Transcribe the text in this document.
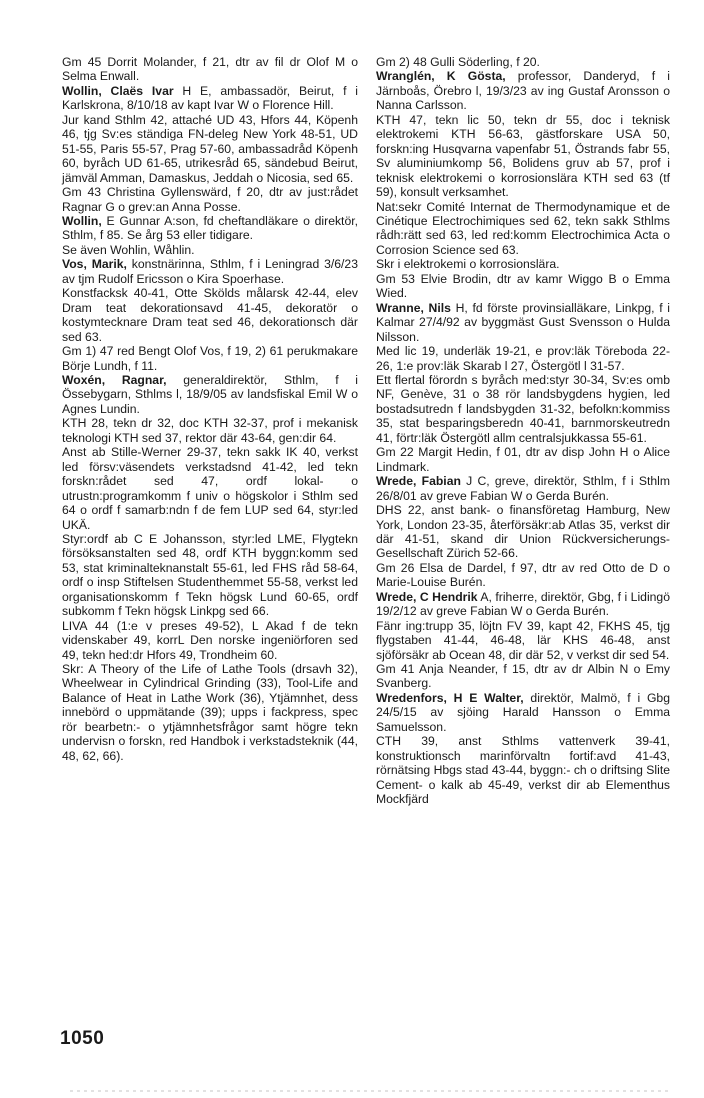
Gm 45 Dorrit Molander, f 21, dtr av fil dr Olof M o Selma Enwall.

Wollin, Claës Ivar H E, ambassadör, Beirut, f i Karlskrona, 8/10/18 av kapt Ivar W o Florence Hill.

Jur kand Sthlm 42, attaché UD 43, Hfors 44, Köpenh 46, tjg Sv:es ständiga FN-deleg New York 48-51, UD 51-55, Paris 55-57, Prag 57-60, ambassadråd Köpenh 60, byråch UD 61-65, utrikesråd 65, sändebud Beirut, jämväl Amman, Damaskus, Jeddah o Nicosia, sed 65.

Gm 43 Christina Gyllenswärd, f 20, dtr av just:rådet Ragnar G o grev:an Anna Posse.

Wollin, E Gunnar A:son, fd cheftandläkare o direktör, Sthlm, f 85. Se årg 53 eller tidigare.

Se även Wohlin, Wåhlin.

Vos, Marik, konstnärinna, Sthlm, f i Leningrad 3/6/23 av tjm Rudolf Ericsson o Kira Spoerhase.

Konstfacksk 40-41, Otte Skölds målarsk 42-44, elev Dram teat dekorationsavd 41-45, dekoratör o kostymtecknare Dram teat sed 46, dekorationsch där sed 63.

Gm 1) 47 red Bengt Olof Vos, f 19, 2) 61 perukmakare Börje Lundh, f 11.

Woxén, Ragnar, generaldirektör, Sthlm, f i Össebygarn, Sthlms l, 18/9/05 av landsfiskal Emil W o Agnes Lundin.

KTH 28, tekn dr 32, doc KTH 32-37, prof i mekanisk teknologi KTH sed 37, rektor där 43-64, gen:dir 64.

Anst ab Stille-Werner 29-37, tekn sakk IK 40, verkst led försv:väsendets verkstadsnd 41-42, led tekn forskn:rådet sed 47, ordf lokal- o utrustn:programkomm f univ o högskolor i Sthlm sed 64 o ordf f samarb:ndn f de fem LUP sed 64, styr:led UKÄ.

Styr:ordf ab C E Johansson, styr:led LME, Flygtekn försöksanstalten sed 48, ordf KTH byggn:komm sed 53, stat kriminalteknanstalt 55-61, led FHS råd 58-64, ordf o insp Stiftelsen Studenthemmet 55-58, verkst led organisationskomm f Tekn högsk Lund 60-65, ordf subkomm f Tekn högsk Linkpg sed 66.

LIVA 44 (1:e v preses 49-52), L Akad f de tekn videnskaber 49, korrL Den norske ingeniörforen sed 49, tekn hed:dr Hfors 49, Trondheim 60.

Skr: A Theory of the Life of Lathe Tools (drsavh 32), Wheelwear in Cylindrical Grinding (33), Tool-Life and Balance of Heat in Lathe Work (36), Ytjämnhet, dess innebörd o uppmätande (39); upps i fackpress, spec rör bearbetn:- o ytjämnhetsfrågor samt högre tekn undervisn o forskn, red Handbok i verkstadsteknik (44, 48, 62, 66).

Gm 2) 48 Gulli Söderling, f 20.

Wranglén, K Gösta, professor, Danderyd, f i Järnboås, Örebro l, 19/3/23 av ing Gustaf Aronsson o Nanna Carlsson.

KTH 47, tekn lic 50, tekn dr 55, doc i teknisk elektrokemi KTH 56-63, gästforskare USA 50, forskn:ing Husqvarna vapenfabr 51, Östrands fabr 55, Sv aluminiumkomp 56, Bolidens gruv ab 57, prof i teknisk elektrokemi o korrosionslära KTH sed 63 (tf 59), konsult verksamhet.

Nat:sekr Comité Internat de Thermodynamique et de Cinétique Electrochimiques sed 62, tekn sakk Sthlms rådh:rätt sed 63, led red:komm Electrochimica Acta o Corrosion Science sed 63.

Skr i elektrokemi o korrosionslära.

Gm 53 Elvie Brodin, dtr av kamr Wiggo B o Emma Wied.

Wranne, Nils H, fd förste provinsialläkare, Linkpg, f i Kalmar 27/4/92 av byggmäst Gust Svensson o Hulda Nilsson.

Med lic 19, underläk 19-21, e prov:läk Töreboda 22-26, 1:e prov:läk Skarab l 27, Östergötl l 31-57.

Ett flertal förordn s byråch med:styr 30-34, Sv:es omb NF, Genève, 31 o 38 rör landsbygdens hygien, led bostadsutredn f landsbygden 31-32, befolkn:kommiss 35, stat besparingsberedn 40-41, barnmorskeutredn 41, förtr:läk Östergötl allm centralsjukkassa 55-61.

Gm 22 Margit Hedin, f 01, dtr av disp John H o Alice Lindmark.

Wrede, Fabian J C, greve, direktör, Sthlm, f i Sthlm 26/8/01 av greve Fabian W o Gerda Burén.

DHS 22, anst bank- o finansföretag Hamburg, New York, London 23-35, återförsäkr:ab Atlas 35, verkst dir där 41-51, skand dir Union Rückversicherungs-Gesellschaft Zürich 52-66.

Gm 26 Elsa de Dardel, f 97, dtr av red Otto de D o Marie-Louise Burén.

Wrede, C Hendrik A, friherre, direktör, Gbg, f i Lidingö 19/2/12 av greve Fabian W o Gerda Burén.

Fänr ing:trupp 35, löjtn FV 39, kapt 42, FKHS 45, tjg flygstaben 41-44, 46-48, lär KHS 46-48, anst sjöförsäkr ab Ocean 48, dir där 52, v verkst dir sed 54.

Gm 41 Anja Neander, f 15, dtr av dr Albin N o Emy Svanberg.

Wredenfors, H E Walter, direktör, Malmö, f i Gbg 24/5/15 av sjöing Harald Hansson o Emma Samuelsson.

CTH 39, anst Sthlms vattenverk 39-41, konstruktionsch marinförvaltn fortif:avd 41-43, rörnätsing Hbgs stad 43-44, byggn:- ch o driftsing Slite Cement- o kalk ab 45-49, verkst dir ab Elementhus Mockfjärd

1050
